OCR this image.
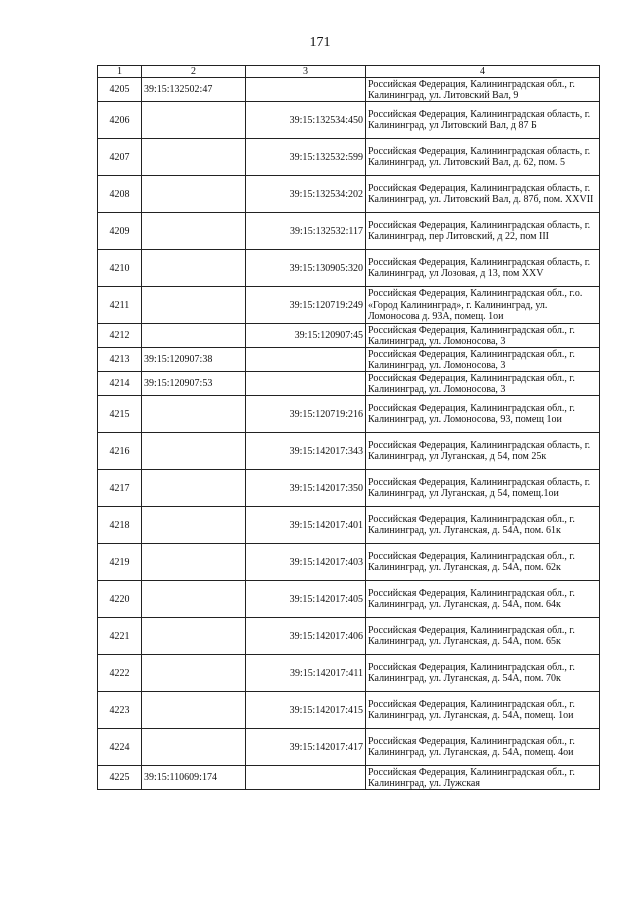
171
1	2	3	4
4205	39:15:132502:47		Российская Федерация, Калининградская обл., г. Калининград, ул. Литовский Вал, 9
4206		39:15:132534:450	Российская Федерация, Калининградская область, г. Калининград, ул Литовский Вал, д 87 Б
4207		39:15:132532:599	Российская Федерация, Калининградская область, г. Калининград, ул. Литовский Вал, д. 62, пом. 5
4208		39:15:132534:202	Российская Федерация, Калининградская область, г. Калининград, ул. Литовский Вал, д. 87б, пом. XXVII
4209		39:15:132532:117	Российская Федерация, Калининградская область, г. Калининград, пер Литовский, д 22, пом III
4210		39:15:130905:320	Российская Федерация, Калининградская область, г. Калининград, ул Лозовая, д 13, пом XXV
4211		39:15:120719:249	Российская Федерация, Калининградская обл., г.о. «Город Калининград», г. Калининград, ул. Ломоносова д. 93А, помещ. 1ои
4212		39:15:120907:45	Российская Федерация, Калининградская обл., г. Калининград, ул. Ломоносова, 3
4213	39:15:120907:38		Российская Федерация, Калининградская обл., г. Калининград, ул. Ломоносова, 3
4214	39:15:120907:53		Российская Федерация, Калининградская обл., г. Калининград, ул. Ломоносова, 3
4215		39:15:120719:216	Российская Федерация, Калининградская обл., г. Калининград, ул. Ломоносова, 93, помещ 1ои
4216		39:15:142017:343	Российская Федерация, Калининградская область, г. Калининград, ул Луганская, д 54, пом 25к
4217		39:15:142017:350	Российская Федерация, Калининградская область, г. Калининград, ул Луганская, д 54, помещ.1ои
4218		39:15:142017:401	Российская Федерация, Калининградская обл., г. Калининград, ул. Луганская, д. 54А, пом. 61к
4219		39:15:142017:403	Российская Федерация, Калининградская обл., г. Калининград, ул. Луганская, д. 54А, пом. 62к
4220		39:15:142017:405	Российская Федерация, Калининградская обл., г. Калининград, ул. Луганская, д. 54А, пом. 64к
4221		39:15:142017:406	Российская Федерация, Калининградская обл., г. Калининград, ул. Луганская, д. 54А, пом. 65к
4222		39:15:142017:411	Российская Федерация, Калининградская обл., г. Калининград, ул. Луганская, д. 54А, пом. 70к
4223		39:15:142017:415	Российская Федерация, Калининградская обл., г. Калининград, ул. Луганская, д. 54А, помещ. 1ои
4224		39:15:142017:417	Российская Федерация, Калининградская обл., г. Калининград, ул. Луганская, д. 54А, помещ. 4ои
4225	39:15:110609:174		Российская Федерация, Калининградская обл., г. Калининград, ул. Лужская
